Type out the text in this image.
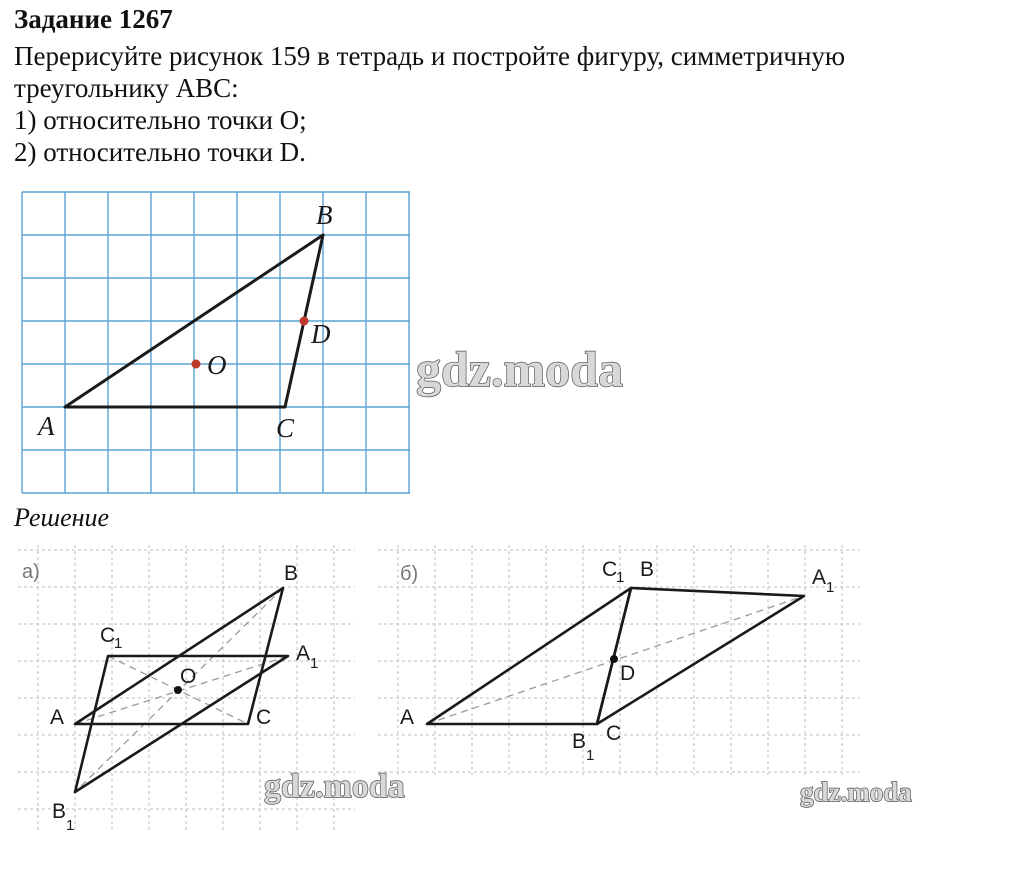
Задание 1267
Перерисуйте рисунок 159 в тетрадь и постройте фигуру, симметричную
треугольнику ABC:
1) относительно точки O;
2) относительно точки D.
A
B
C
D
O
Решение
а)
A
B
C
O
A 1
B
1
C
1
б)
A
B
C
D
A 1
B
1
C
1
gdz.moda
gdz.moda	gdz.moda
